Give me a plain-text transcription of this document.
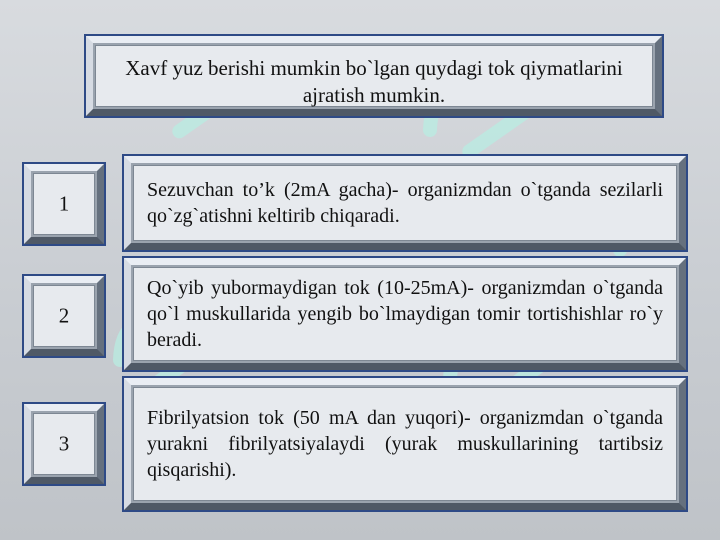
Xavf yuz berishi mumkin bo`lgan quydagi tok qiymatlarini ajratish mumkin.
1
Sezuvchan to’k (2mA gacha)- organizmdan o`tganda sezilarli qo`zg`atishni keltirib chiqaradi.
2
Qo`yib yubormaydigan tok (10-25mA)- organizmdan o`tganda qo`l muskullarida yengib bo`lmaydigan tomir tortishishlar ro`y beradi.
3
Fibrilyatsion tok (50 mA dan yuqori)- organizmdan o`tganda yurakni fibrilyatsiyalaydi (yurak muskullarining tartibsiz qisqarishi).
